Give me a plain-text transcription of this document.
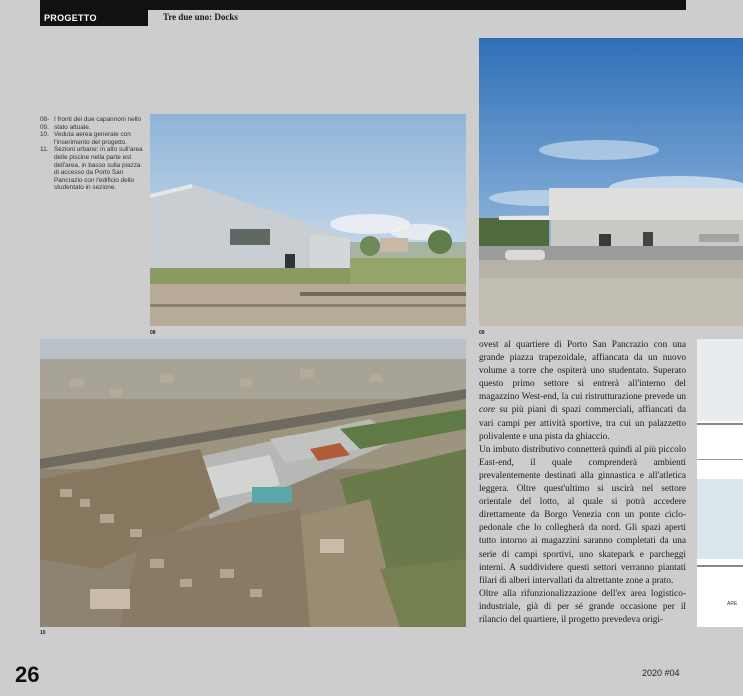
PROGETTO	Tre due uno: Docks
08-09.
I fronti dei due capannoni nello stato attuale.
10. Veduta aerea generale con l'inserimento del progetto.
11. Sezioni urbane: in alto sull'area delle piscine nella parte est dell'area, in basso sulla piazza di accesso da Porto San Pancrazio con l'edificio dello studentato in sezione.
08	09
10
ARE

ovest al quartiere di Porto San Pancrazio con una grande piazza trapezoidale, affiancata da un nuovo volume a torre che ospiterà uno studentato. Superato questo primo settore si entrerà all'interno del magazzino West-end, la cui ristrutturazione prevede un core su più piani di spazi commerciali, affiancati da vari campi per attività sportive, tra cui un palazzetto polivalente e una pista da ghiaccio.

Un imbuto distributivo connetterà quindi al più piccolo East-end, il quale comprenderà ambienti prevalentemente destinati alla ginnastica e all'atletica leggera. Oltre quest'ultimo si uscirà nel settore orientale del lotto, al quale si potrà accedere direttamente da Borgo Venezia con un ponte ciclo-pedonale che lo collegherà da nord. Gli spazi aperti tutto intorno ai magazzini saranno completati da una serie di campi sportivi, uno skatepark e parcheggi interni. A suddividere questi settori verranno piantati filari di alberi intervallati da altrettante zone a prato.

Oltre alla rifunzionalizzazione dell'ex area logistico-industriale, già di per sé grande occasione per il rilancio del quartiere, il progetto prevedeva origi-

26	2020 #04
